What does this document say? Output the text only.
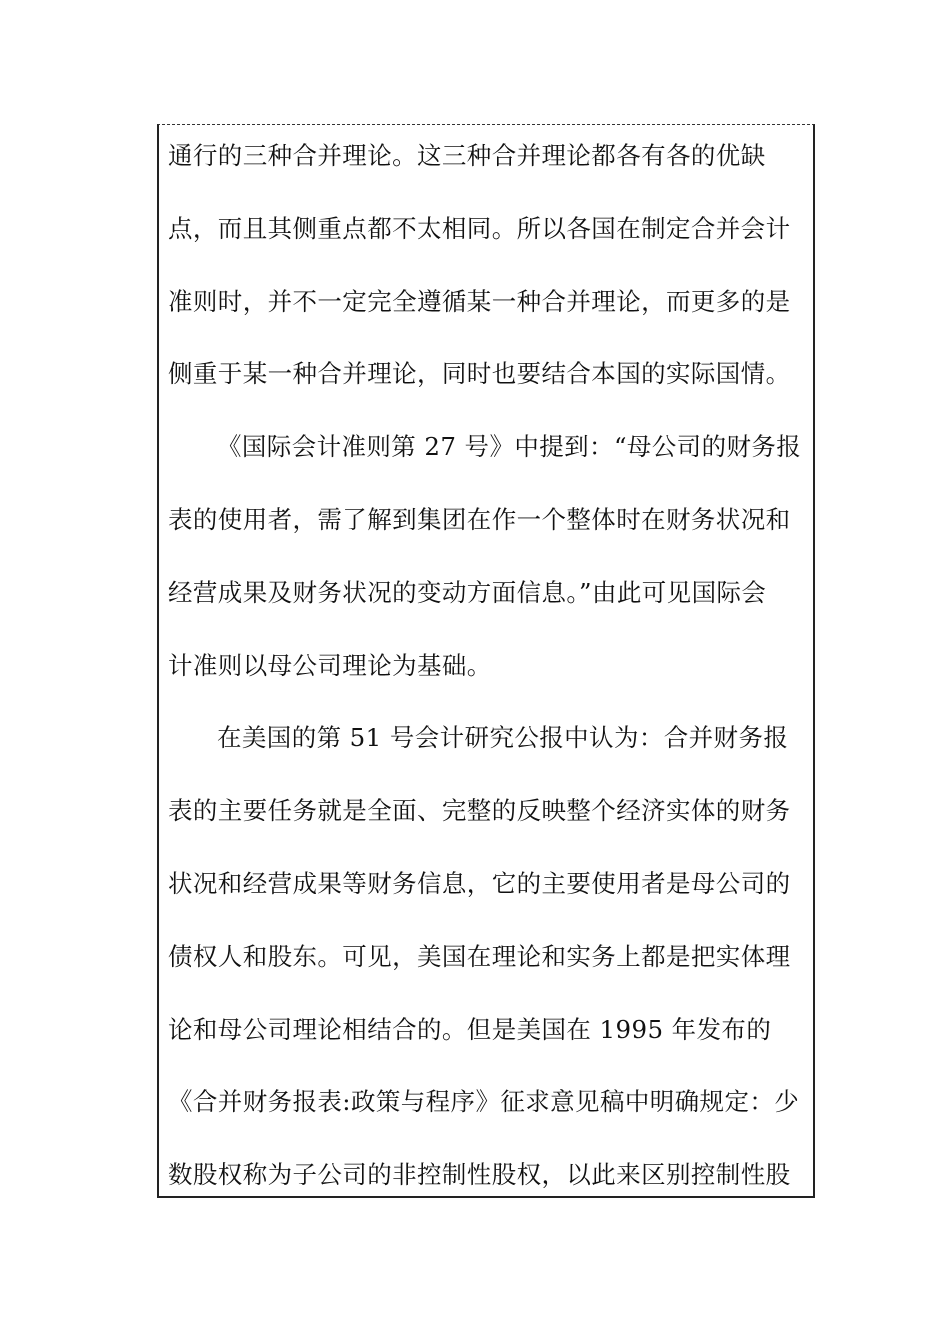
通行的三种合并理论。这三种合并理论都各有各的优缺
点，而且其侧重点都不太相同。所以各国在制定合并会计
准则时，并不一定完全遵循某一种合并理论，而更多的是
侧重于某一种合并理论，同时也要结合本国的实际国情。
《国际会计准则第 27 号》中提到：“母公司的财务报
表的使用者，需了解到集团在作一个整体时在财务状况和
经营成果及财务状况的变动方面信息。”由此可见国际会
计准则以母公司理论为基础。
在美国的第 51 号会计研究公报中认为：合并财务报
表的主要任务就是全面、完整的反映整个经济实体的财务
状况和经营成果等财务信息，它的主要使用者是母公司的
债权人和股东。可见，美国在理论和实务上都是把实体理
论和母公司理论相结合的。但是美国在 1995 年发布的
《合并财务报表:政策与程序》征求意见稿中明确规定：少
数股权称为子公司的非控制性股权，以此来区别控制性股
